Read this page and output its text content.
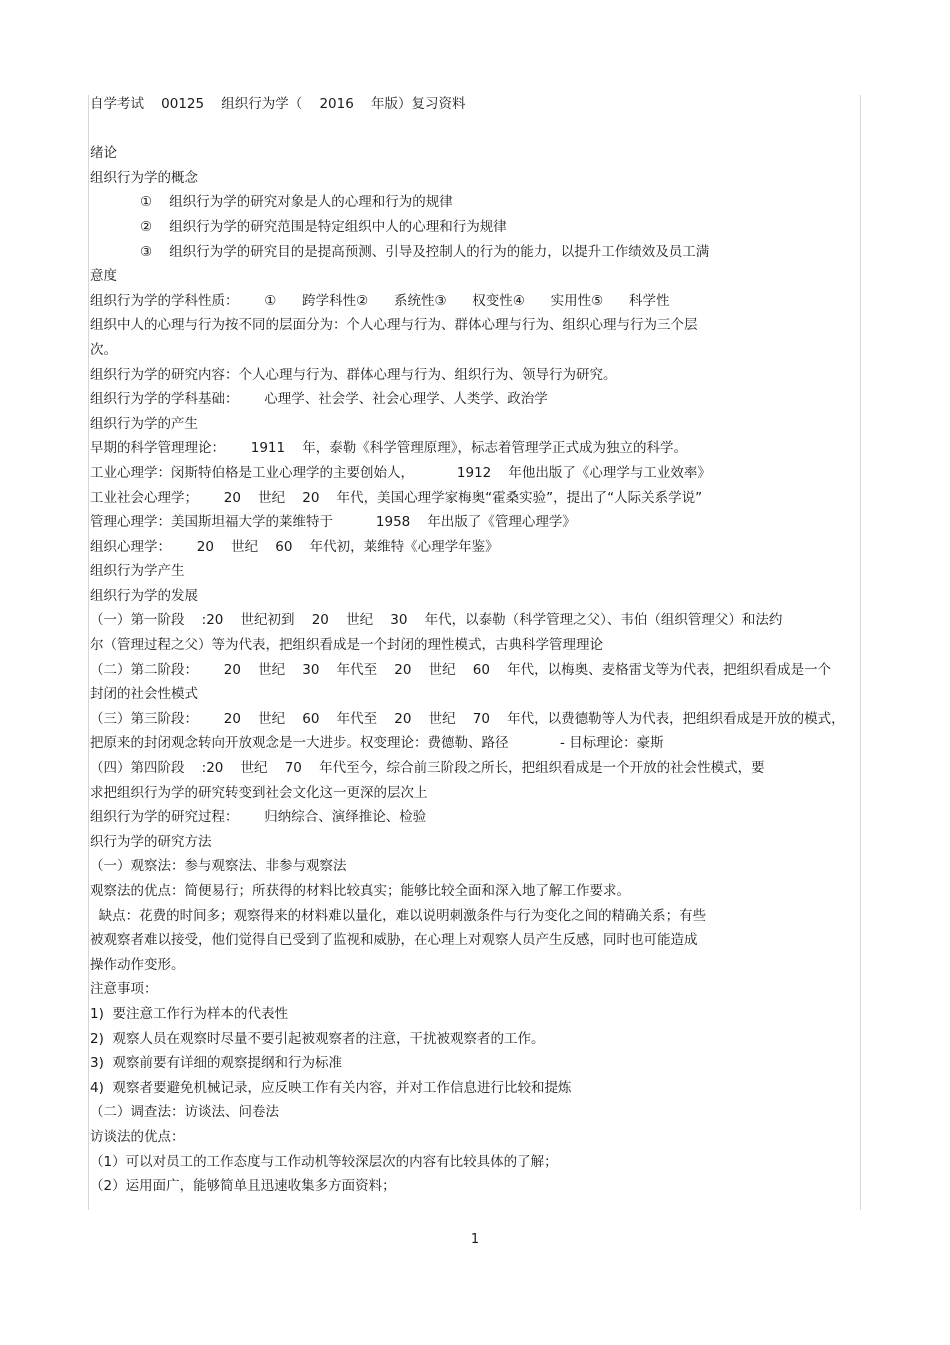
自学考试    00125    组织行为学（    2016    年版）复习资料
绪论
组织行为学的概念
①    组织行为学的研究对象是人的心理和行为的规律
②    组织行为学的研究范围是特定组织中人的心理和行为规律
③    组织行为学的研究目的是提高预测、引导及控制人的行为的能力，以提升工作绩效及员工满
意度
组织行为学的学科性质：      ①      跨学科性②      系统性③      权变性④      实用性⑤      科学性
组织中人的心理与行为按不同的层面分为：个人心理与行为、群体心理与行为、组织心理与行为三个层
次。
组织行为学的研究内容：个人心理与行为、群体心理与行为、组织行为、领导行为研究。
组织行为学的学科基础：      心理学、社会学、社会心理学、人类学、政治学
组织行为学的产生
早期的科学管理理论：      1911    年，泰勒《科学管理原理》，标志着管理学正式成为独立的科学。
工业心理学：闵斯特伯格是工业心理学的主要创始人，          1912    年他出版了《心理学与工业效率》
工业社会心理学；      20    世纪    20    年代，美国心理学家梅奥“霍桑实验”，提出了“人际关系学说”
管理心理学：美国斯坦福大学的莱维特于          1958    年出版了《管理心理学》
组织心理学：      20    世纪    60    年代初，莱维特《心理学年鉴》
组织行为学产生
组织行为学的发展
（一）第一阶段    :20    世纪初到    20    世纪    30    年代，以泰勒（科学管理之父）、韦伯（组织管理父）和法约
尔（管理过程之父）等为代表，把组织看成是一个封闭的理性模式，古典科学管理理论
（二）第二阶段：      20    世纪    30    年代至    20    世纪    60    年代，以梅奥、麦格雷戈等为代表，把组织看成是一个
封闭的社会性模式
（三）第三阶段：      20    世纪    60    年代至    20    世纪    70    年代，以费德勒等人为代表，把组织看成是开放的模式，
把原来的封闭观念转向开放观念是一大进步。权变理论：费德勒、路径            - 目标理论：豪斯
（四）第四阶段    :20    世纪    70    年代至今，综合前三阶段之所长，把组织看成是一个开放的社会性模式，要
求把组织行为学的研究转变到社会文化这一更深的层次上
组织行为学的研究过程：      归纳综合、演绎推论、检验
织行为学的研究方法
（一）观察法：参与观察法、非参与观察法
观察法的优点：简便易行；所获得的材料比较真实；能够比较全面和深入地了解工作要求。
缺点：花费的时间多；观察得来的材料难以量化，难以说明刺激条件与行为变化之间的精确关系；有些
被观察者难以接受，他们觉得自已受到了监视和威胁，在心理上对观察人员产生反感，同时也可能造成
操作动作变形。
注意事项：
1)  要注意工作行为样本的代表性
2)  观察人员在观察时尽量不要引起被观察者的注意，干扰被观察者的工作。
3)  观察前要有详细的观察提纲和行为标准
4)  观察者要避免机械记录，应反映工作有关内容，并对工作信息进行比较和提炼
（二）调查法：访谈法、问卷法
访谈法的优点：
（1）可以对员工的工作态度与工作动机等较深层次的内容有比较具体的了解；
（2）运用面广，能够简单且迅速收集多方面资料；
1
